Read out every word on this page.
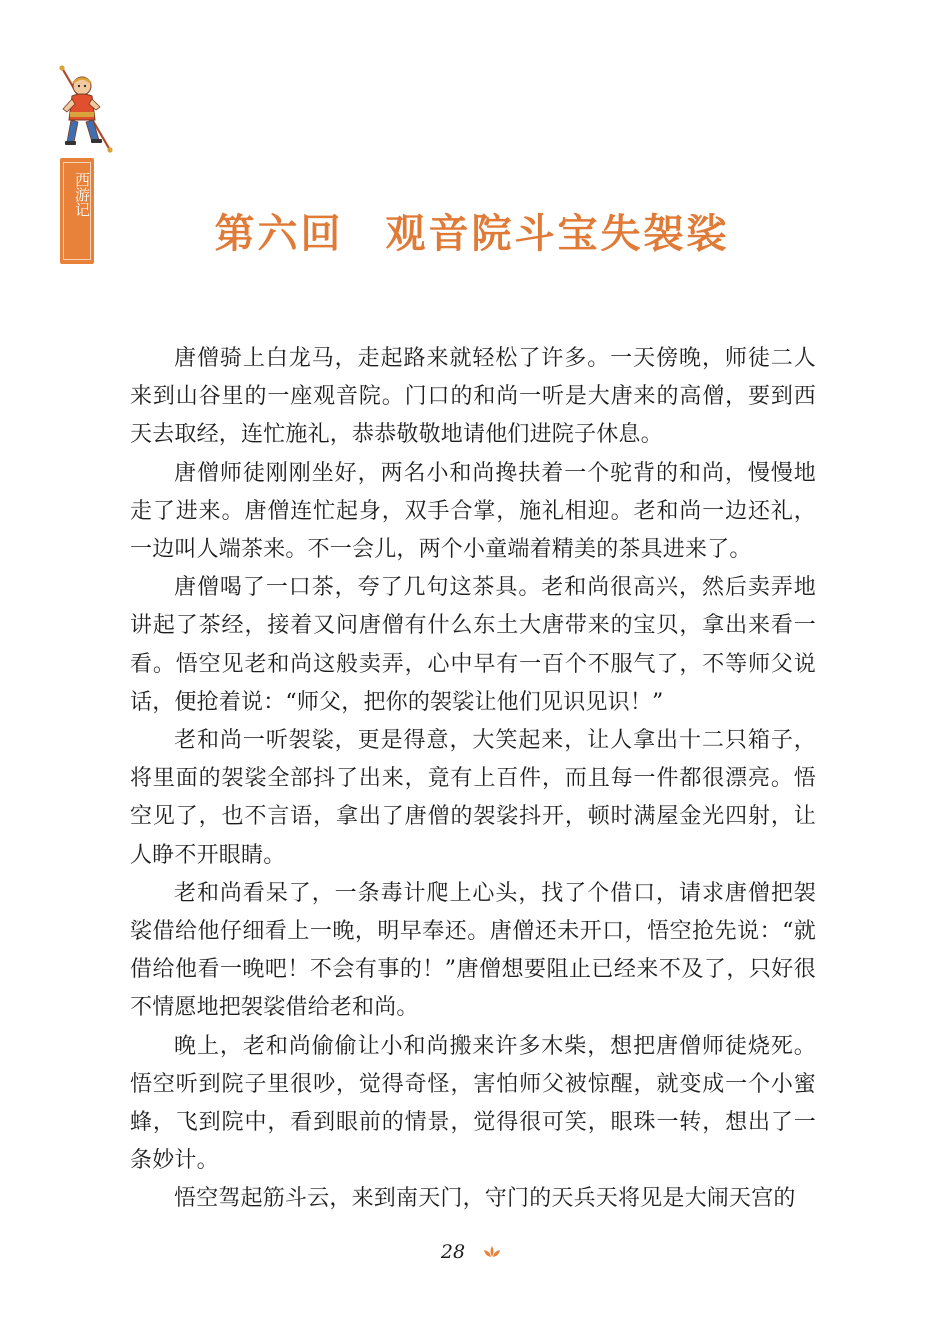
西游记
第六回 观音院斗宝失袈裟

唐僧骑上白龙马，走起路来就轻松了许多。一天傍晚，师徒二人来到山谷里的一座观音院。门口的和尚一听是大唐来的高僧，要到西天去取经，连忙施礼，恭恭敬敬地请他们进院子休息。

唐僧师徒刚刚坐好，两名小和尚搀扶着一个驼背的和尚，慢慢地走了进来。唐僧连忙起身，双手合掌，施礼相迎。老和尚一边还礼，一边叫人端茶来。不一会儿，两个小童端着精美的茶具进来了。

唐僧喝了一口茶，夸了几句这茶具。老和尚很高兴，然后卖弄地讲起了茶经，接着又问唐僧有什么东土大唐带来的宝贝，拿出来看一看。悟空见老和尚这般卖弄，心中早有一百个不服气了，不等师父说话，便抢着说：“师父，把你的袈裟让他们见识见识！”

老和尚一听袈裟，更是得意，大笑起来，让人拿出十二只箱子，将里面的袈裟全部抖了出来，竟有上百件，而且每一件都很漂亮。悟空见了，也不言语，拿出了唐僧的袈裟抖开，顿时满屋金光四射，让人睁不开眼睛。

老和尚看呆了，一条毒计爬上心头，找了个借口，请求唐僧把袈裟借给他仔细看上一晚，明早奉还。唐僧还未开口，悟空抢先说：“就借给他看一晚吧！不会有事的！”唐僧想要阻止已经来不及了，只好很不情愿地把袈裟借给老和尚。

晚上，老和尚偷偷让小和尚搬来许多木柴，想把唐僧师徒烧死。悟空听到院子里很吵，觉得奇怪，害怕师父被惊醒，就变成一个小蜜蜂，飞到院中，看到眼前的情景，觉得很可笑，眼珠一转，想出了一条妙计。

悟空驾起筋斗云，来到南天门，守门的天兵天将见是大闹天宫的

28
